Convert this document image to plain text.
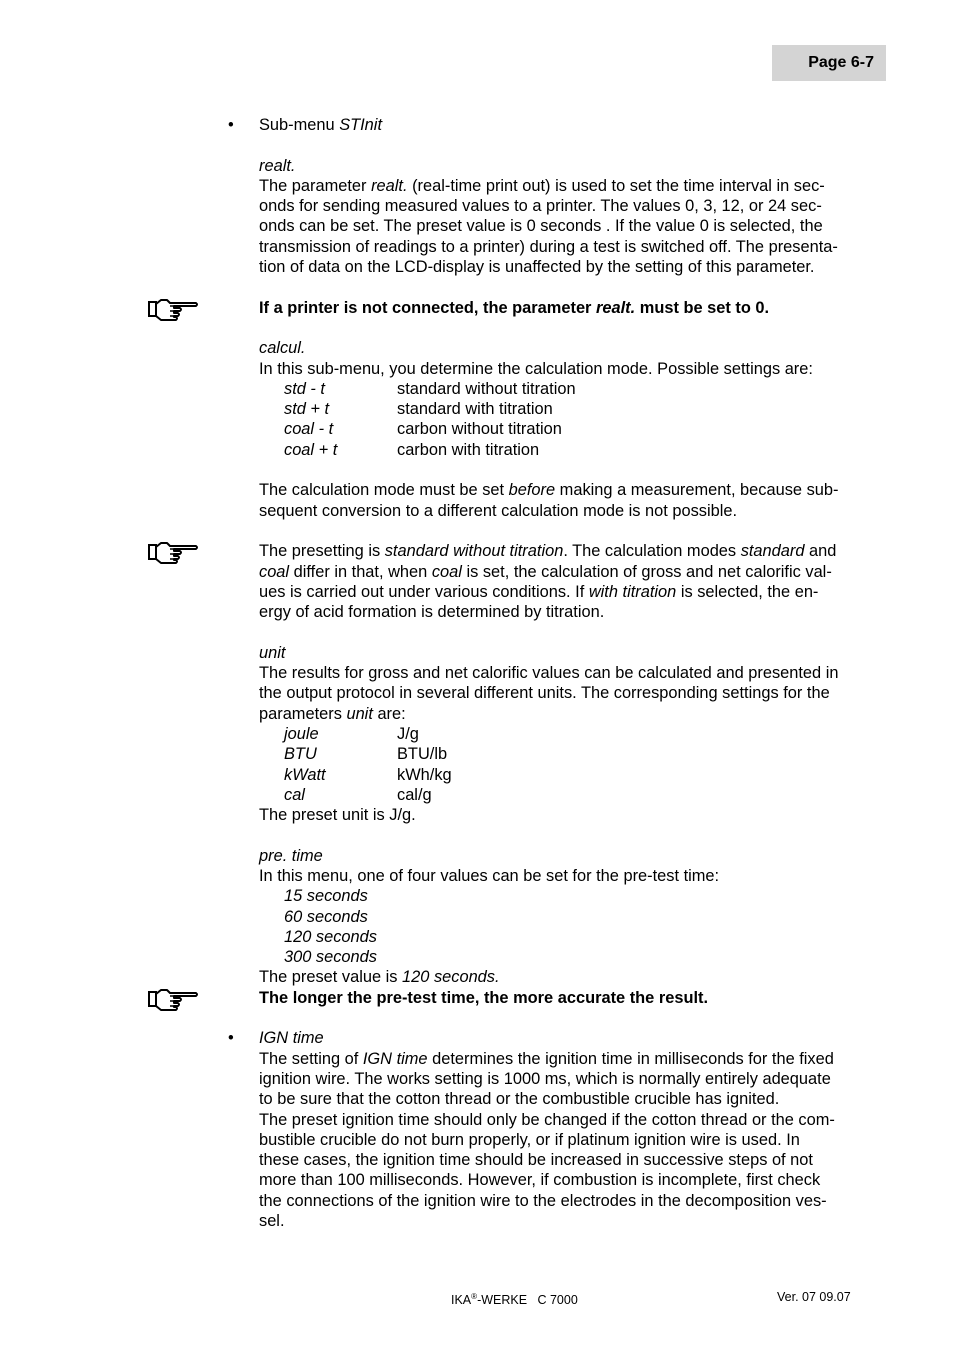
Page 6-7
• Sub-menu STInit
realt.
The parameter realt. (real-time print out) is used to set the time interval in sec-
onds for sending measured values to a printer. The values 0, 3, 12, or 24 sec-
onds can be set. The preset value is 0 seconds . If the value 0 is selected, the
transmission of readings to a printer) during a test is switched off. The presenta-
tion of data on the LCD-display is unaffected by the setting of this parameter.
If a printer is not connected, the parameter realt. must be set to 0.
calcul.
In this sub-menu, you determine the calculation mode. Possible settings are:
std - t	standard without titration
std + t	standard with titration
coal - t	carbon without titration
coal + t	carbon with titration
The calculation mode must be set before making a measurement, because sub-
sequent conversion to a different calculation mode is not possible.
The presetting is standard without titration. The calculation modes standard and
coal differ in that, when coal is set, the calculation of gross and net calorific val-
ues is carried out under various conditions. If with titration is selected, the en-
ergy of acid formation is determined by titration.
unit
The results for gross and net calorific values can be calculated and presented in
the output protocol in several different units. The corresponding settings for the
parameters unit are:
joule	J/g
BTU	BTU/lb
kWatt	kWh/kg
cal	cal/g
The preset unit is J/g.
pre. time
In this menu, one of four values can be set for the pre-test time:
15 seconds
60 seconds
120 seconds
300 seconds
The preset value is 120 seconds.
The longer the pre-test time, the more accurate the result.
• IGN time
The setting of IGN time determines the ignition time in milliseconds for the fixed
ignition wire. The works setting is 1000 ms, which is normally entirely adequate
to be sure that the cotton thread or the combustible crucible has ignited.
The preset ignition time should only be changed if the cotton thread or the com-
bustible crucible do not burn properly, or if platinum ignition wire is used. In
these cases, the ignition time should be increased in successive steps of not
more than 100 milliseconds. However, if combustion is incomplete, first check
the connections of the ignition wire to the electrodes in the decomposition ves-
sel.
IKA®-WERKE   C 7000	Ver. 07 09.07
